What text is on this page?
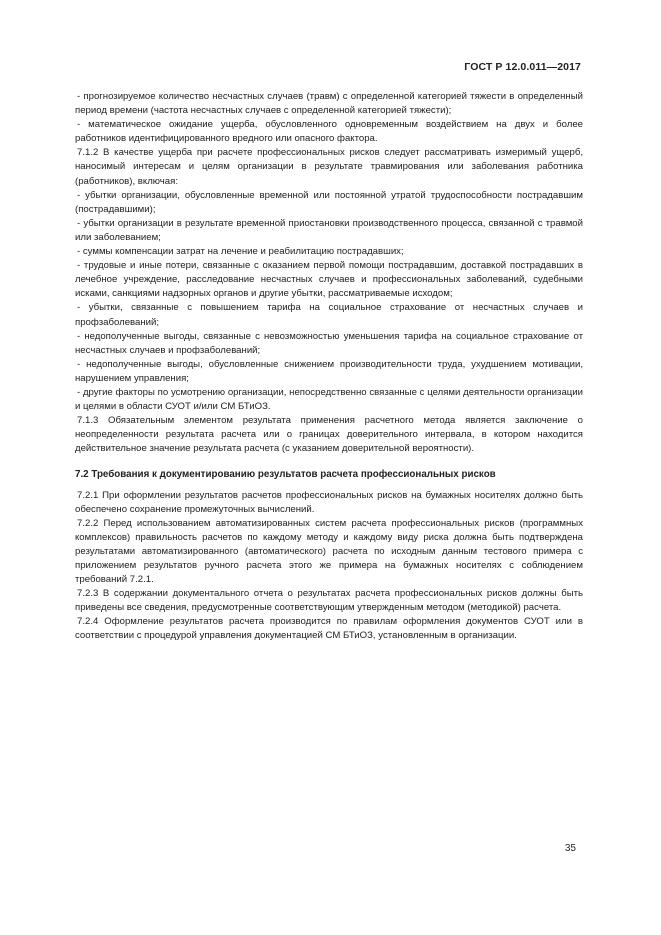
ГОСТ Р 12.0.011—2017

- прогнозируемое количество несчастных случаев (травм) с определенной категорией тяжести в определенный период времени (частота несчастных случаев с определенной категорией тяжести);

- математическое ожидание ущерба, обусловленного одновременным воздействием на двух и более работников идентифицированного вредного или опасного фактора.

7.1.2 В качестве ущерба при расчете профессиональных рисков следует рассматривать измеримый ущерб, наносимый интересам и целям организации в результате травмирования или заболевания работника (работников), включая:

- убытки организации, обусловленные временной или постоянной утратой трудоспособности пострадавшим (пострадавшими);

- убытки организации в результате временной приостановки производственного процесса, связанной с травмой или заболеванием;

- суммы компенсации затрат на лечение и реабилитацию пострадавших;

- трудовые и иные потери, связанные с оказанием первой помощи пострадавшим, доставкой пострадавших в лечебное учреждение, расследование несчастных случаев и профессиональных заболеваний, судебными исками, санкциями надзорных органов и другие убытки, рассматриваемые исходом;

- убытки, связанные с повышением тарифа на социальное страхование от несчастных случаев и профзаболеваний;

- недополученные выгоды, связанные с невозможностью уменьшения тарифа на социальное страхование от несчастных случаев и профзаболеваний;

- недополученные выгоды, обусловленные снижением производительности труда, ухудшением мотивации, нарушением управления;

- другие факторы по усмотрению организации, непосредственно связанные с целями деятельности организации и целями в области СУОТ и/или СМ БТиОЗ.

7.1.3 Обязательным элементом результата применения расчетного метода является заключение о неопределенности результата расчета или о границах доверительного интервала, в котором находится действительное значение результата расчета (с указанием доверительной вероятности).

7.2 Требования к документированию результатов расчета профессиональных рисков

7.2.1 При оформлении результатов расчетов профессиональных рисков на бумажных носителях должно быть обеспечено сохранение промежуточных вычислений.

7.2.2 Перед использованием автоматизированных систем расчета профессиональных рисков (программных комплексов) правильность расчетов по каждому методу и каждому виду риска должна быть подтверждена результатами автоматизированного (автоматического) расчета по исходным данным тестового примера с приложением результатов ручного расчета этого же примера на бумажных носителях с соблюдением требований 7.2.1.

7.2.3 В содержании документального отчета о результатах расчета профессиональных рисков должны быть приведены все сведения, предусмотренные соответствующим утвержденным методом (методикой) расчета.

7.2.4 Оформление результатов расчета производится по правилам оформления документов СУОТ или в соответствии с процедурой управления документацией СМ БТиОЗ, установленным в организации.

35
